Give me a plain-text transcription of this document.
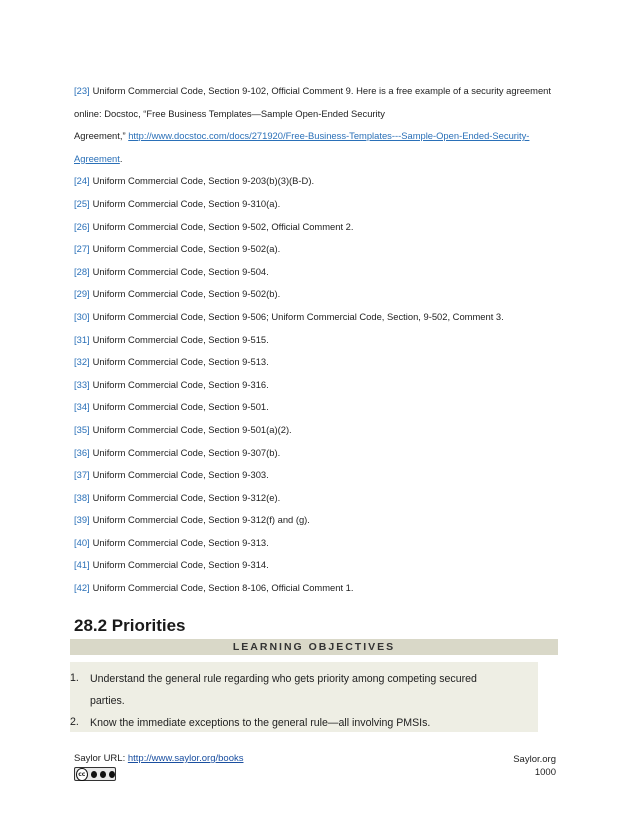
[23] Uniform Commercial Code, Section 9-102, Official Comment 9. Here is a free example of a security agreement
online: Docstoc, “Free Business Templates—Sample Open-Ended Security
Agreement,” http://www.docstoc.com/docs/271920/Free-Business-Templates---Sample-Open-Ended-Security-
Agreement.
[24] Uniform Commercial Code, Section 9-203(b)(3)(B-D).
[25] Uniform Commercial Code, Section 9-310(a).
[26] Uniform Commercial Code, Section 9-502, Official Comment 2.
[27] Uniform Commercial Code, Section 9-502(a).
[28] Uniform Commercial Code, Section 9-504.
[29] Uniform Commercial Code, Section 9-502(b).
[30] Uniform Commercial Code, Section 9-506; Uniform Commercial Code, Section, 9-502, Comment 3.
[31] Uniform Commercial Code, Section 9-515.
[32] Uniform Commercial Code, Section 9-513.
[33] Uniform Commercial Code, Section 9-316.
[34] Uniform Commercial Code, Section 9-501.
[35] Uniform Commercial Code, Section 9-501(a)(2).
[36] Uniform Commercial Code, Section 9-307(b).
[37] Uniform Commercial Code, Section 9-303.
[38] Uniform Commercial Code, Section 9-312(e).
[39] Uniform Commercial Code, Section 9-312(f) and (g).
[40] Uniform Commercial Code, Section 9-313.
[41] Uniform Commercial Code, Section 9-314.
[42] Uniform Commercial Code, Section 8-106, Official Comment 1.
28.2 Priorities
LEARNING OBJECTIVES
1.	Understand the general rule regarding who gets priority among competing secured
parties.
2.	Know the immediate exceptions to the general rule—all involving PMSIs.
Saylor URL: http://www.saylor.org/books
cc
Saylor.org
1000
